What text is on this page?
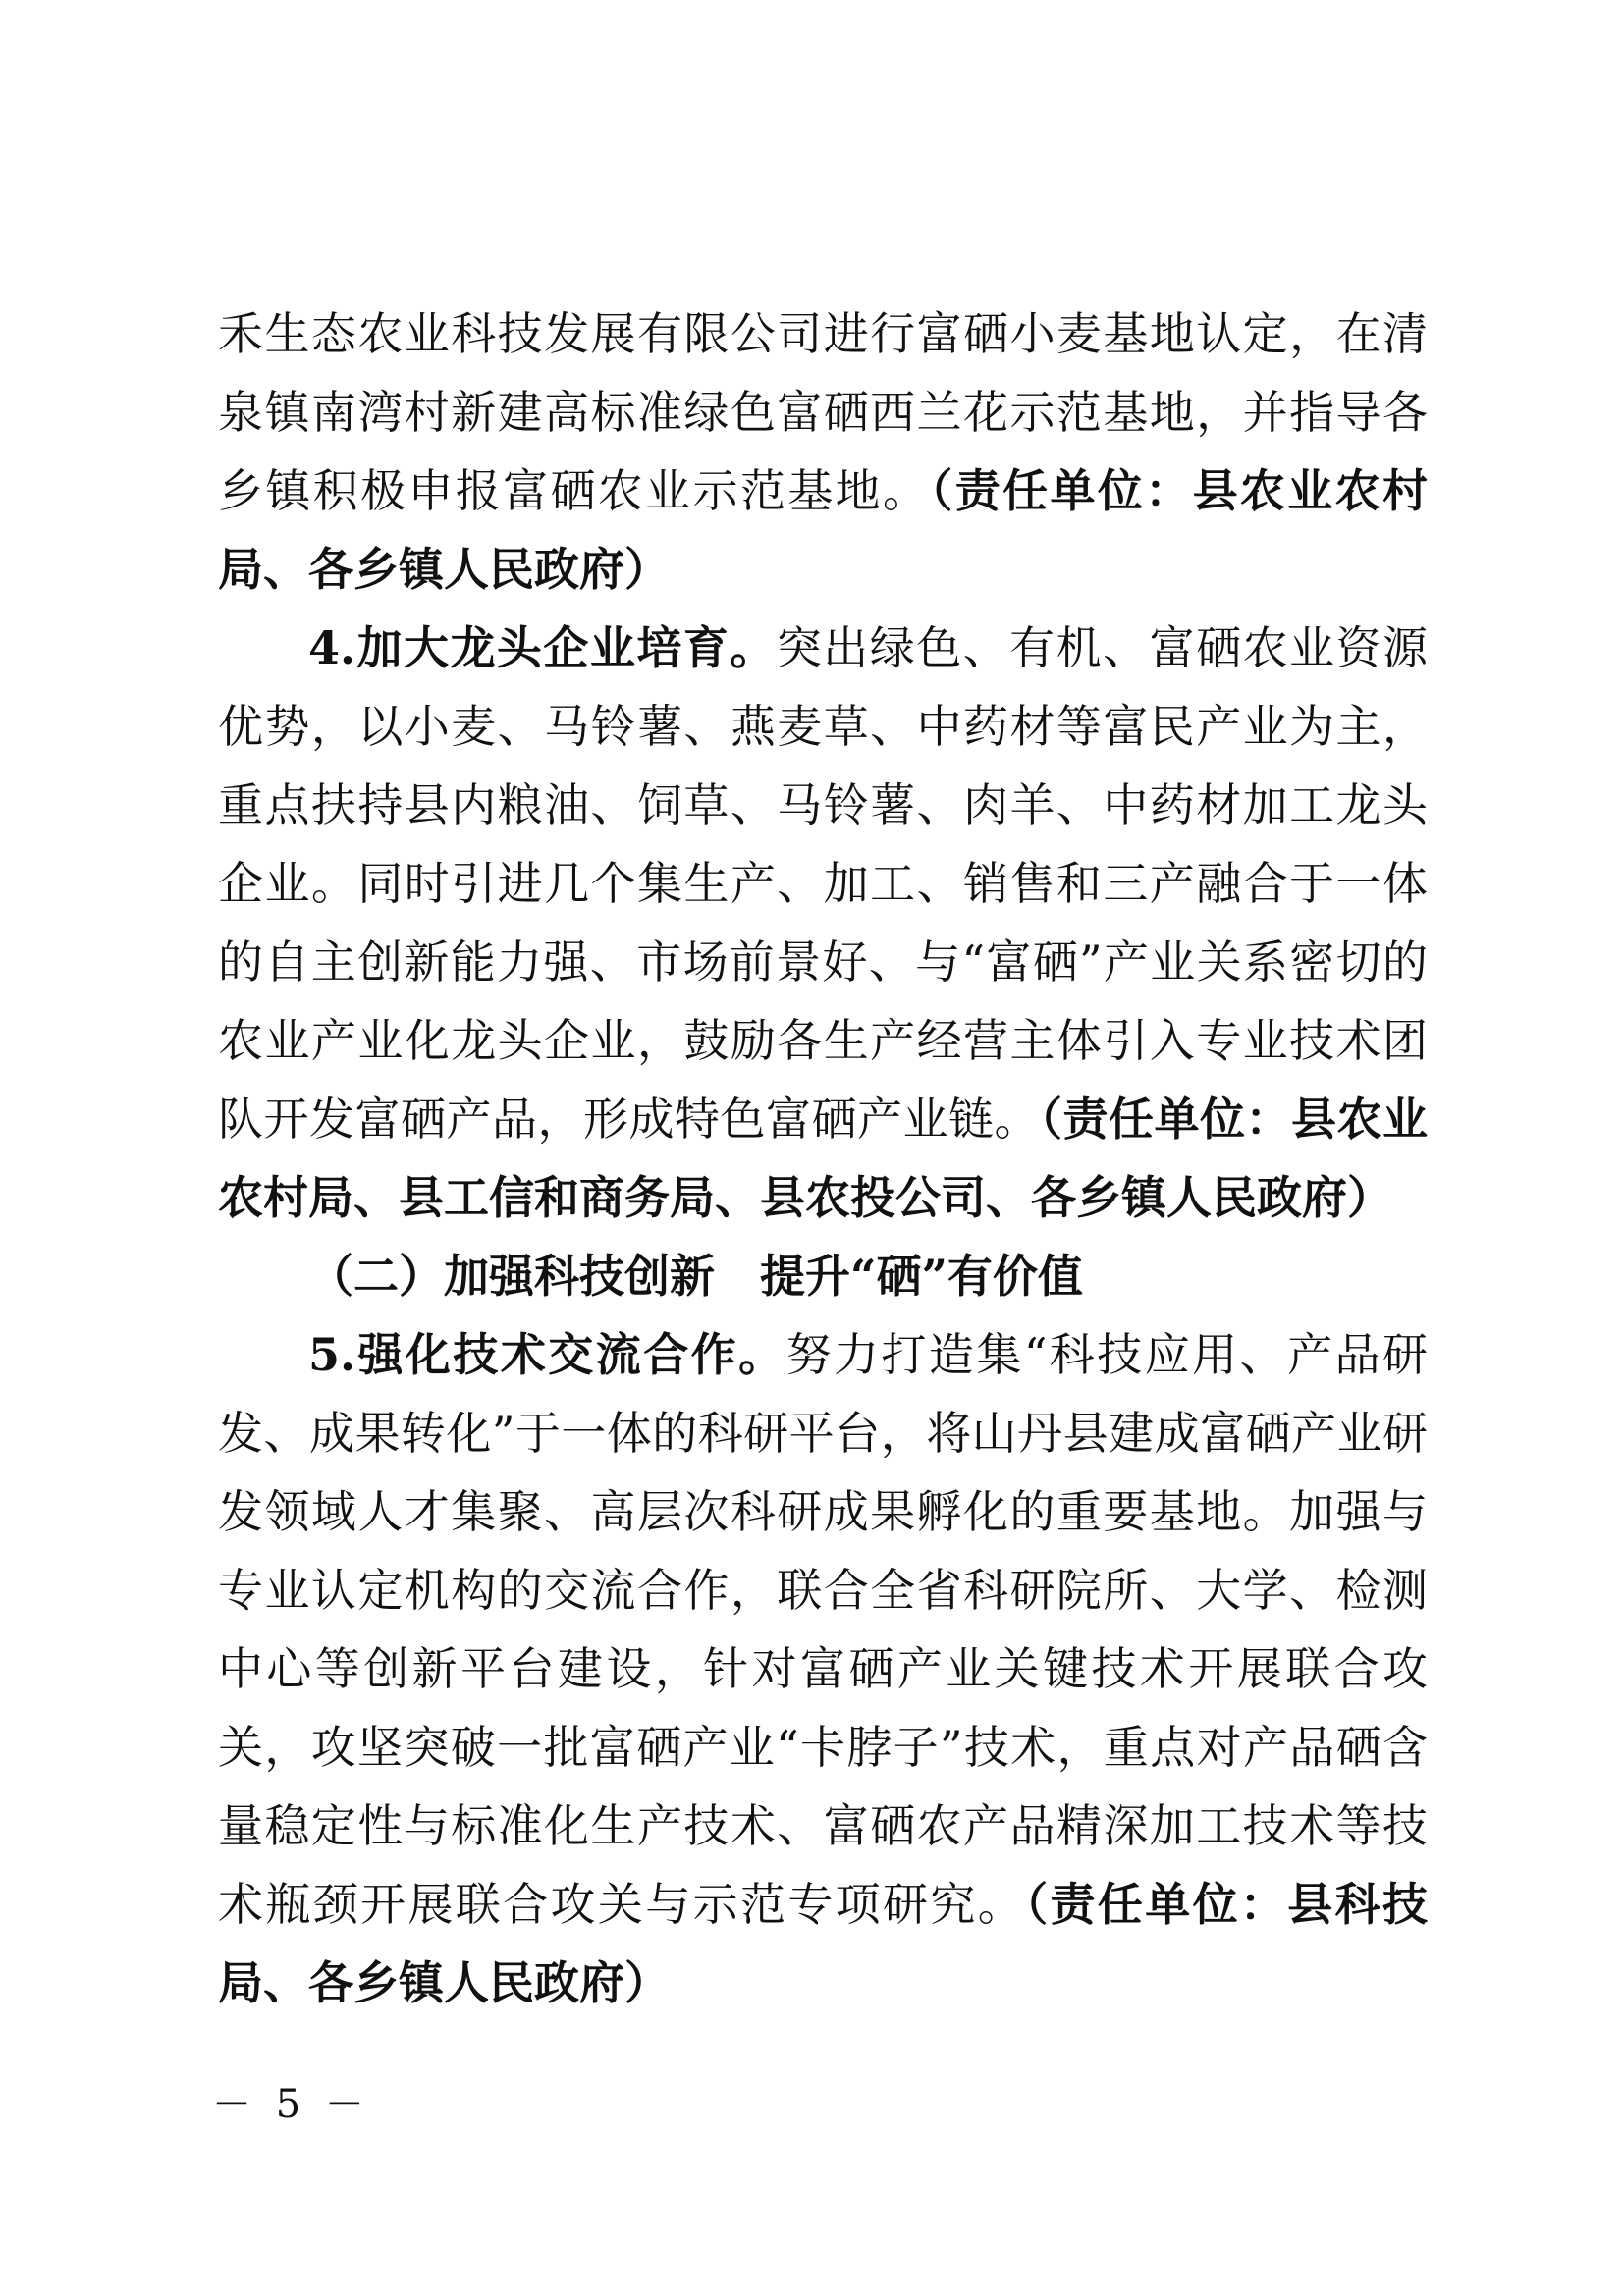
禾生态农业科技发展有限公司进行富硒小麦基地认定，在清泉镇南湾村新建高标准绿色富硒西兰花示范基地，并指导各乡镇积极申报富硒农业示范基地。（责任单位：县农业农村局、各乡镇人民政府）

4.加大龙头企业培育。突出绿色、有机、富硒农业资源优势，以小麦、马铃薯、燕麦草、中药材等富民产业为主，重点扶持县内粮油、饲草、马铃薯、肉羊、中药材加工龙头企业。同时引进几个集生产、加工、销售和三产融合于一体的自主创新能力强、市场前景好、与“富硒”产业关系密切的农业产业化龙头企业，鼓励各生产经营主体引入专业技术团队开发富硒产品，形成特色富硒产业链。（责任单位：县农业农村局、县工信和商务局、县农投公司、各乡镇人民政府）

（二）加强科技创新　提升“硒”有价值

5.强化技术交流合作。努力打造集“科技应用、产品研发、成果转化”于一体的科研平台，将山丹县建成富硒产业研发领域人才集聚、高层次科研成果孵化的重要基地。加强与专业认定机构的交流合作，联合全省科研院所、大学、检测中心等创新平台建设，针对富硒产业关键技术开展联合攻关，攻坚突破一批富硒产业“卡脖子”技术，重点对产品硒含量稳定性与标准化生产技术、富硒农产品精深加工技术等技术瓶颈开展联合攻关与示范专项研究。（责任单位：县科技局、各乡镇人民政府）

－ 5 －
